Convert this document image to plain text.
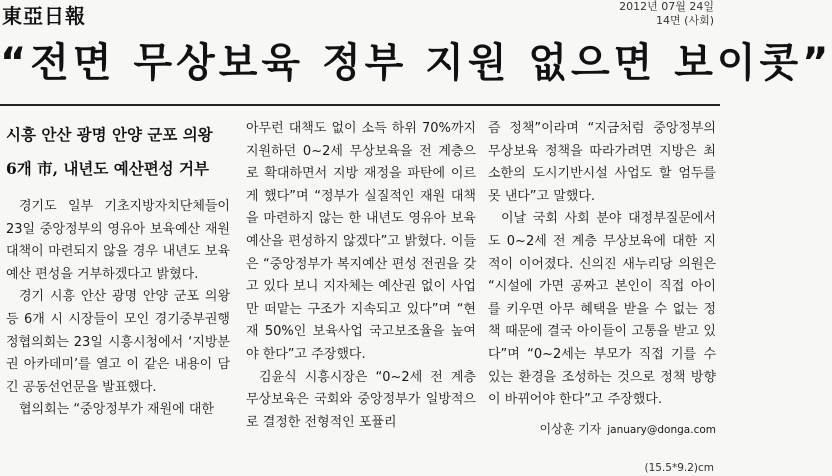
東亞日報	2012년 07월 24일
14면 (사회)
“전면 무상보육 정부 지원 없으면 보이콧”
시흥 안산 광명 안양 군포 의왕
6개 市, 내년도 예산편성 거부

경기도 일부 기초지방자치단체들이 23일 중앙정부의 영유아 보육예산 재원 대책이 마련되지 않을 경우 내년도 보육예산 편성을 거부하겠다고 밝혔다.

경기 시흥 안산 광명 안양 군포 의왕 등 6개 시 시장들이 모인 경기중부권행정협의회는 23일 시흥시청에서 ‘지방분권 아카데미’를 열고 이 같은 내용이 담긴 공동선언문을 발표했다.

협의회는 “중앙정부가 재원에 대한

아무런 대책도 없이 소득 하위 70%까지 지원하던 0~2세 무상보육을 전 계층으로 확대하면서 지방 재정을 파탄에 이르게 했다”며 “정부가 실질적인 재원 대책을 마련하지 않는 한 내년도 영유아 보육 예산을 편성하지 않겠다”고 밝혔다. 이들은 “중앙정부가 복지예산 편성 전권을 갖고 있다 보니 지자체는 예산권 없이 사업만 떠맡는 구조가 지속되고 있다”며 “현재 50%인 보육사업 국고보조율을 높여야 한다”고 주장했다.

김윤식 시흥시장은 “0~2세 전 계층 무상보육은 국회와 중앙정부가 일방적으로 결정한 전형적인 포퓰리

즘 정책”이라며 “지금처럼 중앙정부의 무상보육 정책을 따라가려면 지방은 최소한의 도시기반시설 사업도 할 엄두를 못 낸다”고 말했다.

이날 국회 사회 분야 대정부질문에서도 0~2세 전 계층 무상보육에 대한 지적이 이어졌다. 신의진 새누리당 의원은 “시설에 가면 공짜고 본인이 직접 아이를 키우면 아무 혜택을 받을 수 없는 정책 때문에 결국 아이들이 고통을 받고 있다”며 “0~2세는 부모가 직접 기를 수 있는 환경을 조성하는 것으로 정책 방향이 바뀌어야 한다”고 주장했다.

이상훈 기자 january@donga.com
(15.5*9.2)cm
